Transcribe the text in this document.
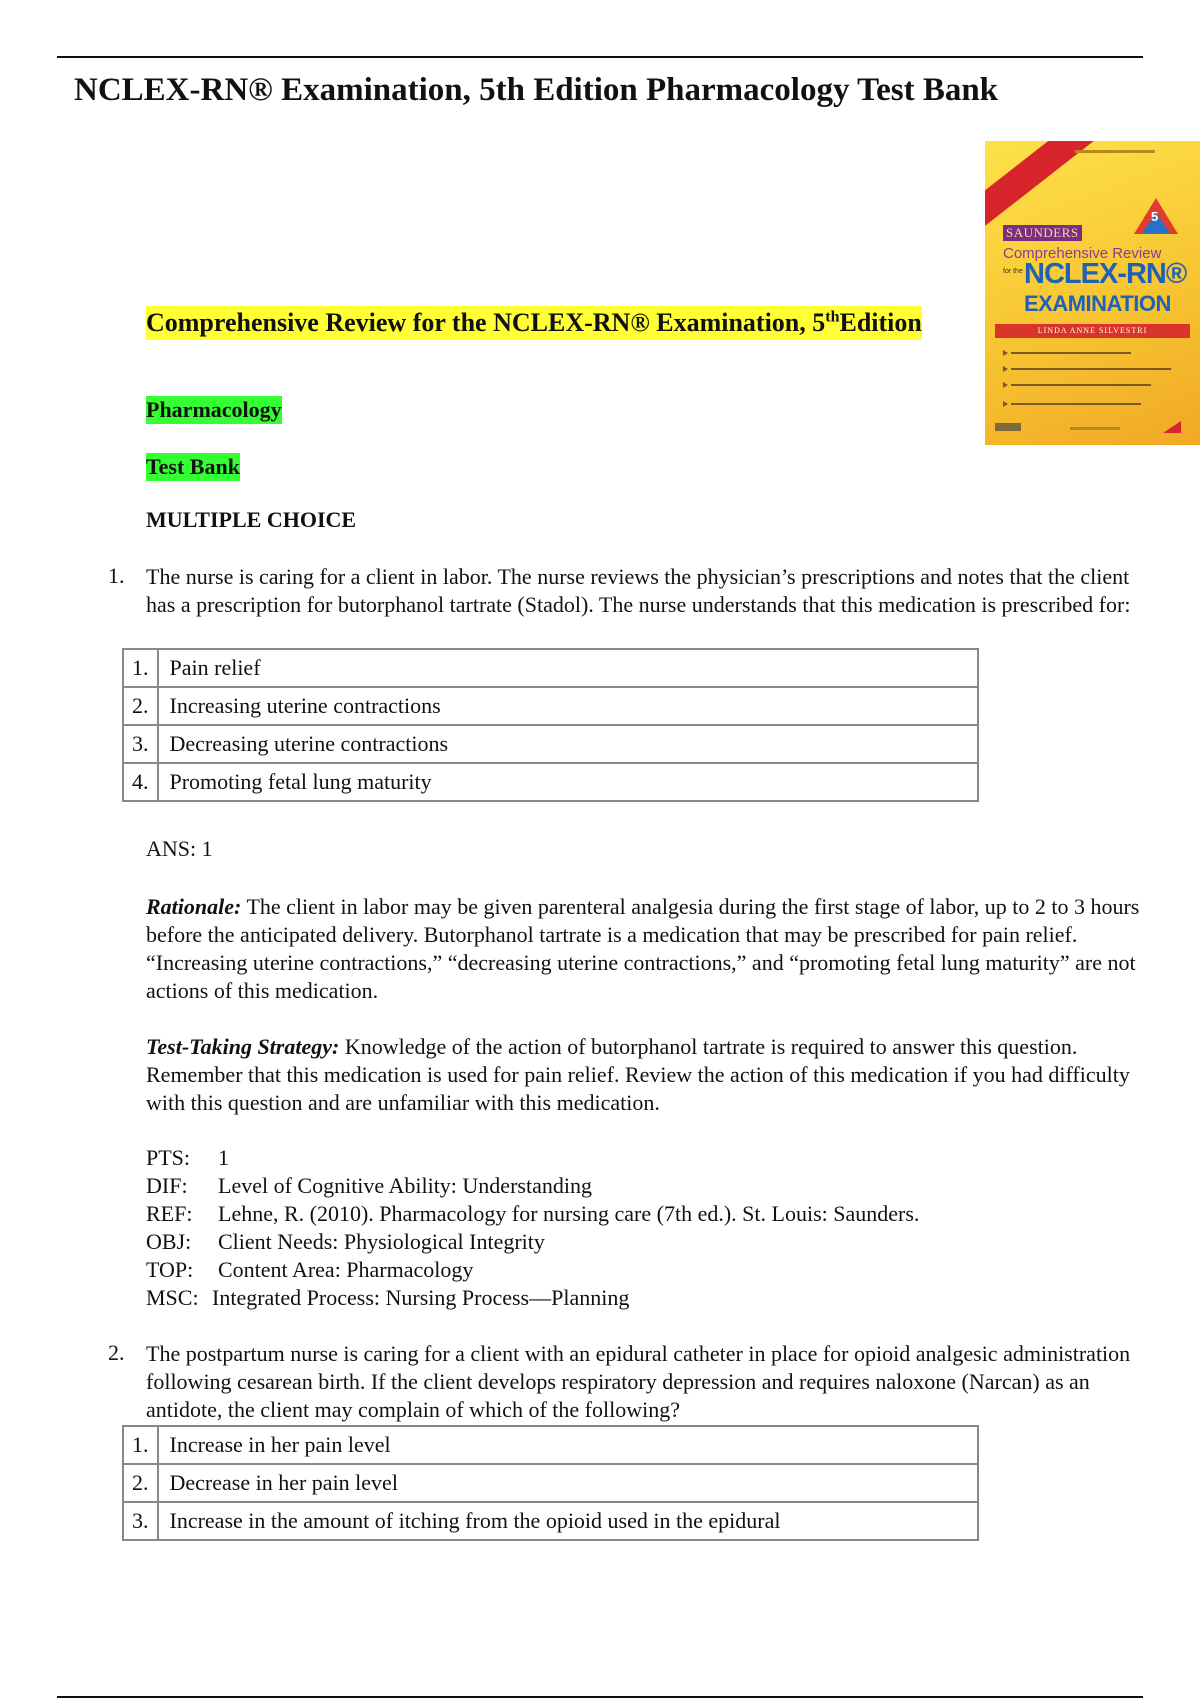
NCLEX-RN® Examination, 5th Edition Pharmacology Test Bank
5
SAUNDERS
Comprehensive Review
for the NCLEX-RN®
EXAMINATION
LINDA ANNE SILVESTRI

Comprehensive Review for the NCLEX-RN® Examination, 5thEdition

Pharmacology

Test Bank

MULTIPLE CHOICE

1. The nurse is caring for a client in labor. The nurse reviews the physician’s prescriptions and notes that the client has a prescription for butorphanol tartrate (Stadol). The nurse understands that this medication is prescribed for:

1.	Pain relief
2.	Increasing uterine contractions
3.	Decreasing uterine contractions
4.	Promoting fetal lung maturity
ANS: 1

Rationale: The client in labor may be given parenteral analgesia during the first stage of labor, up to 2 to 3 hours before the anticipated delivery. Butorphanol tartrate is a medication that may be prescribed for pain relief. “Increasing uterine contractions,” “decreasing uterine contractions,” and “promoting fetal lung maturity” are not actions of this medication.

Test-Taking Strategy: Knowledge of the action of butorphanol tartrate is required to answer this question. Remember that this medication is used for pain relief. Review the action of this medication if you had difficulty with this question and are unfamiliar with this medication.

PTS: 1
DIF: Level of Cognitive Ability: Understanding
REF: Lehne, R. (2010). Pharmacology for nursing care (7th ed.). St. Louis: Saunders.
OBJ: Client Needs: Physiological Integrity
TOP: Content Area: Pharmacology
MSC: Integrated Process: Nursing Process—Planning
2. The postpartum nurse is caring for a client with an epidural catheter in place for opioid analgesic administration following cesarean birth. If the client develops respiratory depression and requires naloxone (Narcan) as an antidote, the client may complain of which of the following?

1.	Increase in her pain level
2.	Decrease in her pain level
3.	Increase in the amount of itching from the opioid used in the epidural
